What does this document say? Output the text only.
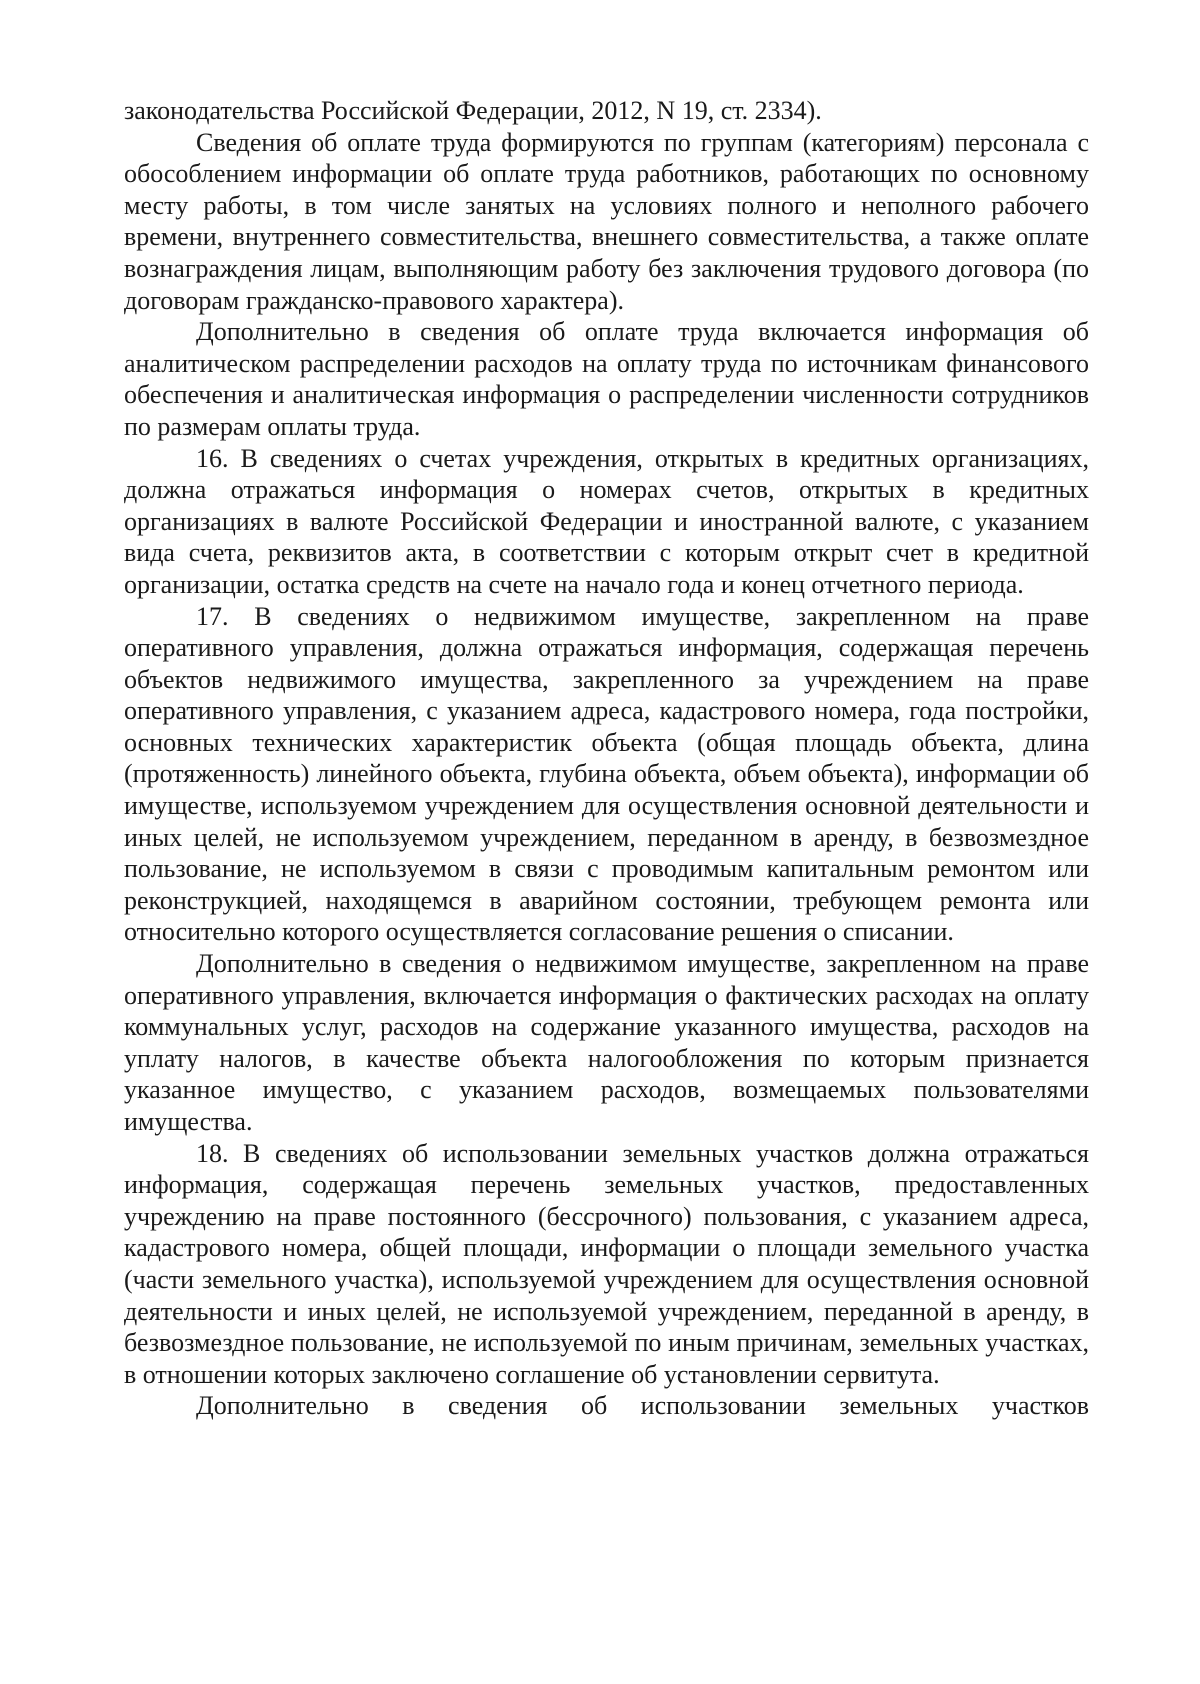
законодательства Российской Федерации, 2012, N 19, ст. 2334).

Сведения об оплате труда формируются по группам (категориям) персонала с обособлением информации об оплате труда работников, работающих по основному месту работы, в том числе занятых на условиях полного и неполного рабочего времени, внутреннего совместительства, внешнего совместительства, а также оплате вознаграждения лицам, выполняющим работу без заключения трудового договора (по договорам гражданско-правового характера).

Дополнительно в сведения об оплате труда включается информация об аналитическом распределении расходов на оплату труда по источникам финансового обеспечения и аналитическая информация о распределении численности сотрудников по размерам оплаты труда.

16. В сведениях о счетах учреждения, открытых в кредитных организациях, должна отражаться информация о номерах счетов, открытых в кредитных организациях в валюте Российской Федерации и иностранной валюте, с указанием вида счета, реквизитов акта, в соответствии с которым открыт счет в кредитной организации, остатка средств на счете на начало года и конец отчетного периода.

17. В сведениях о недвижимом имуществе, закрепленном на праве оперативного управления, должна отражаться информация, содержащая перечень объектов недвижимого имущества, закрепленного за учреждением на праве оперативного управления, с указанием адреса, кадастрового номера, года постройки, основных технических характеристик объекта (общая площадь объекта, длина (протяженность) линейного объекта, глубина объекта, объем объекта), информации об имуществе, используемом учреждением для осуществления основной деятельности и иных целей, не используемом учреждением, переданном в аренду, в безвозмездное пользование, не используемом в связи с проводимым капитальным ремонтом или реконструкцией, находящемся в аварийном состоянии, требующем ремонта или относительно которого осуществляется согласование решения о списании.

Дополнительно в сведения о недвижимом имуществе, закрепленном на праве оперативного управления, включается информация о фактических расходах на оплату коммунальных услуг, расходов на содержание указанного имущества, расходов на уплату налогов, в качестве объекта налогообложения по которым признается указанное имущество, с указанием расходов, возмещаемых пользователями имущества.

18. В сведениях об использовании земельных участков должна отражаться информация, содержащая перечень земельных участков, предоставленных учреждению на праве постоянного (бессрочного) пользования, с указанием адреса, кадастрового номера, общей площади, информации о площади земельного участка (части земельного участка), используемой учреждением для осуществления основной деятельности и иных целей, не используемой учреждением, переданной в аренду, в безвозмездное пользование, не используемой по иным причинам, земельных участках, в отношении которых заключено соглашение об установлении сервитута.

Дополнительно в сведения об использовании земельных участков
